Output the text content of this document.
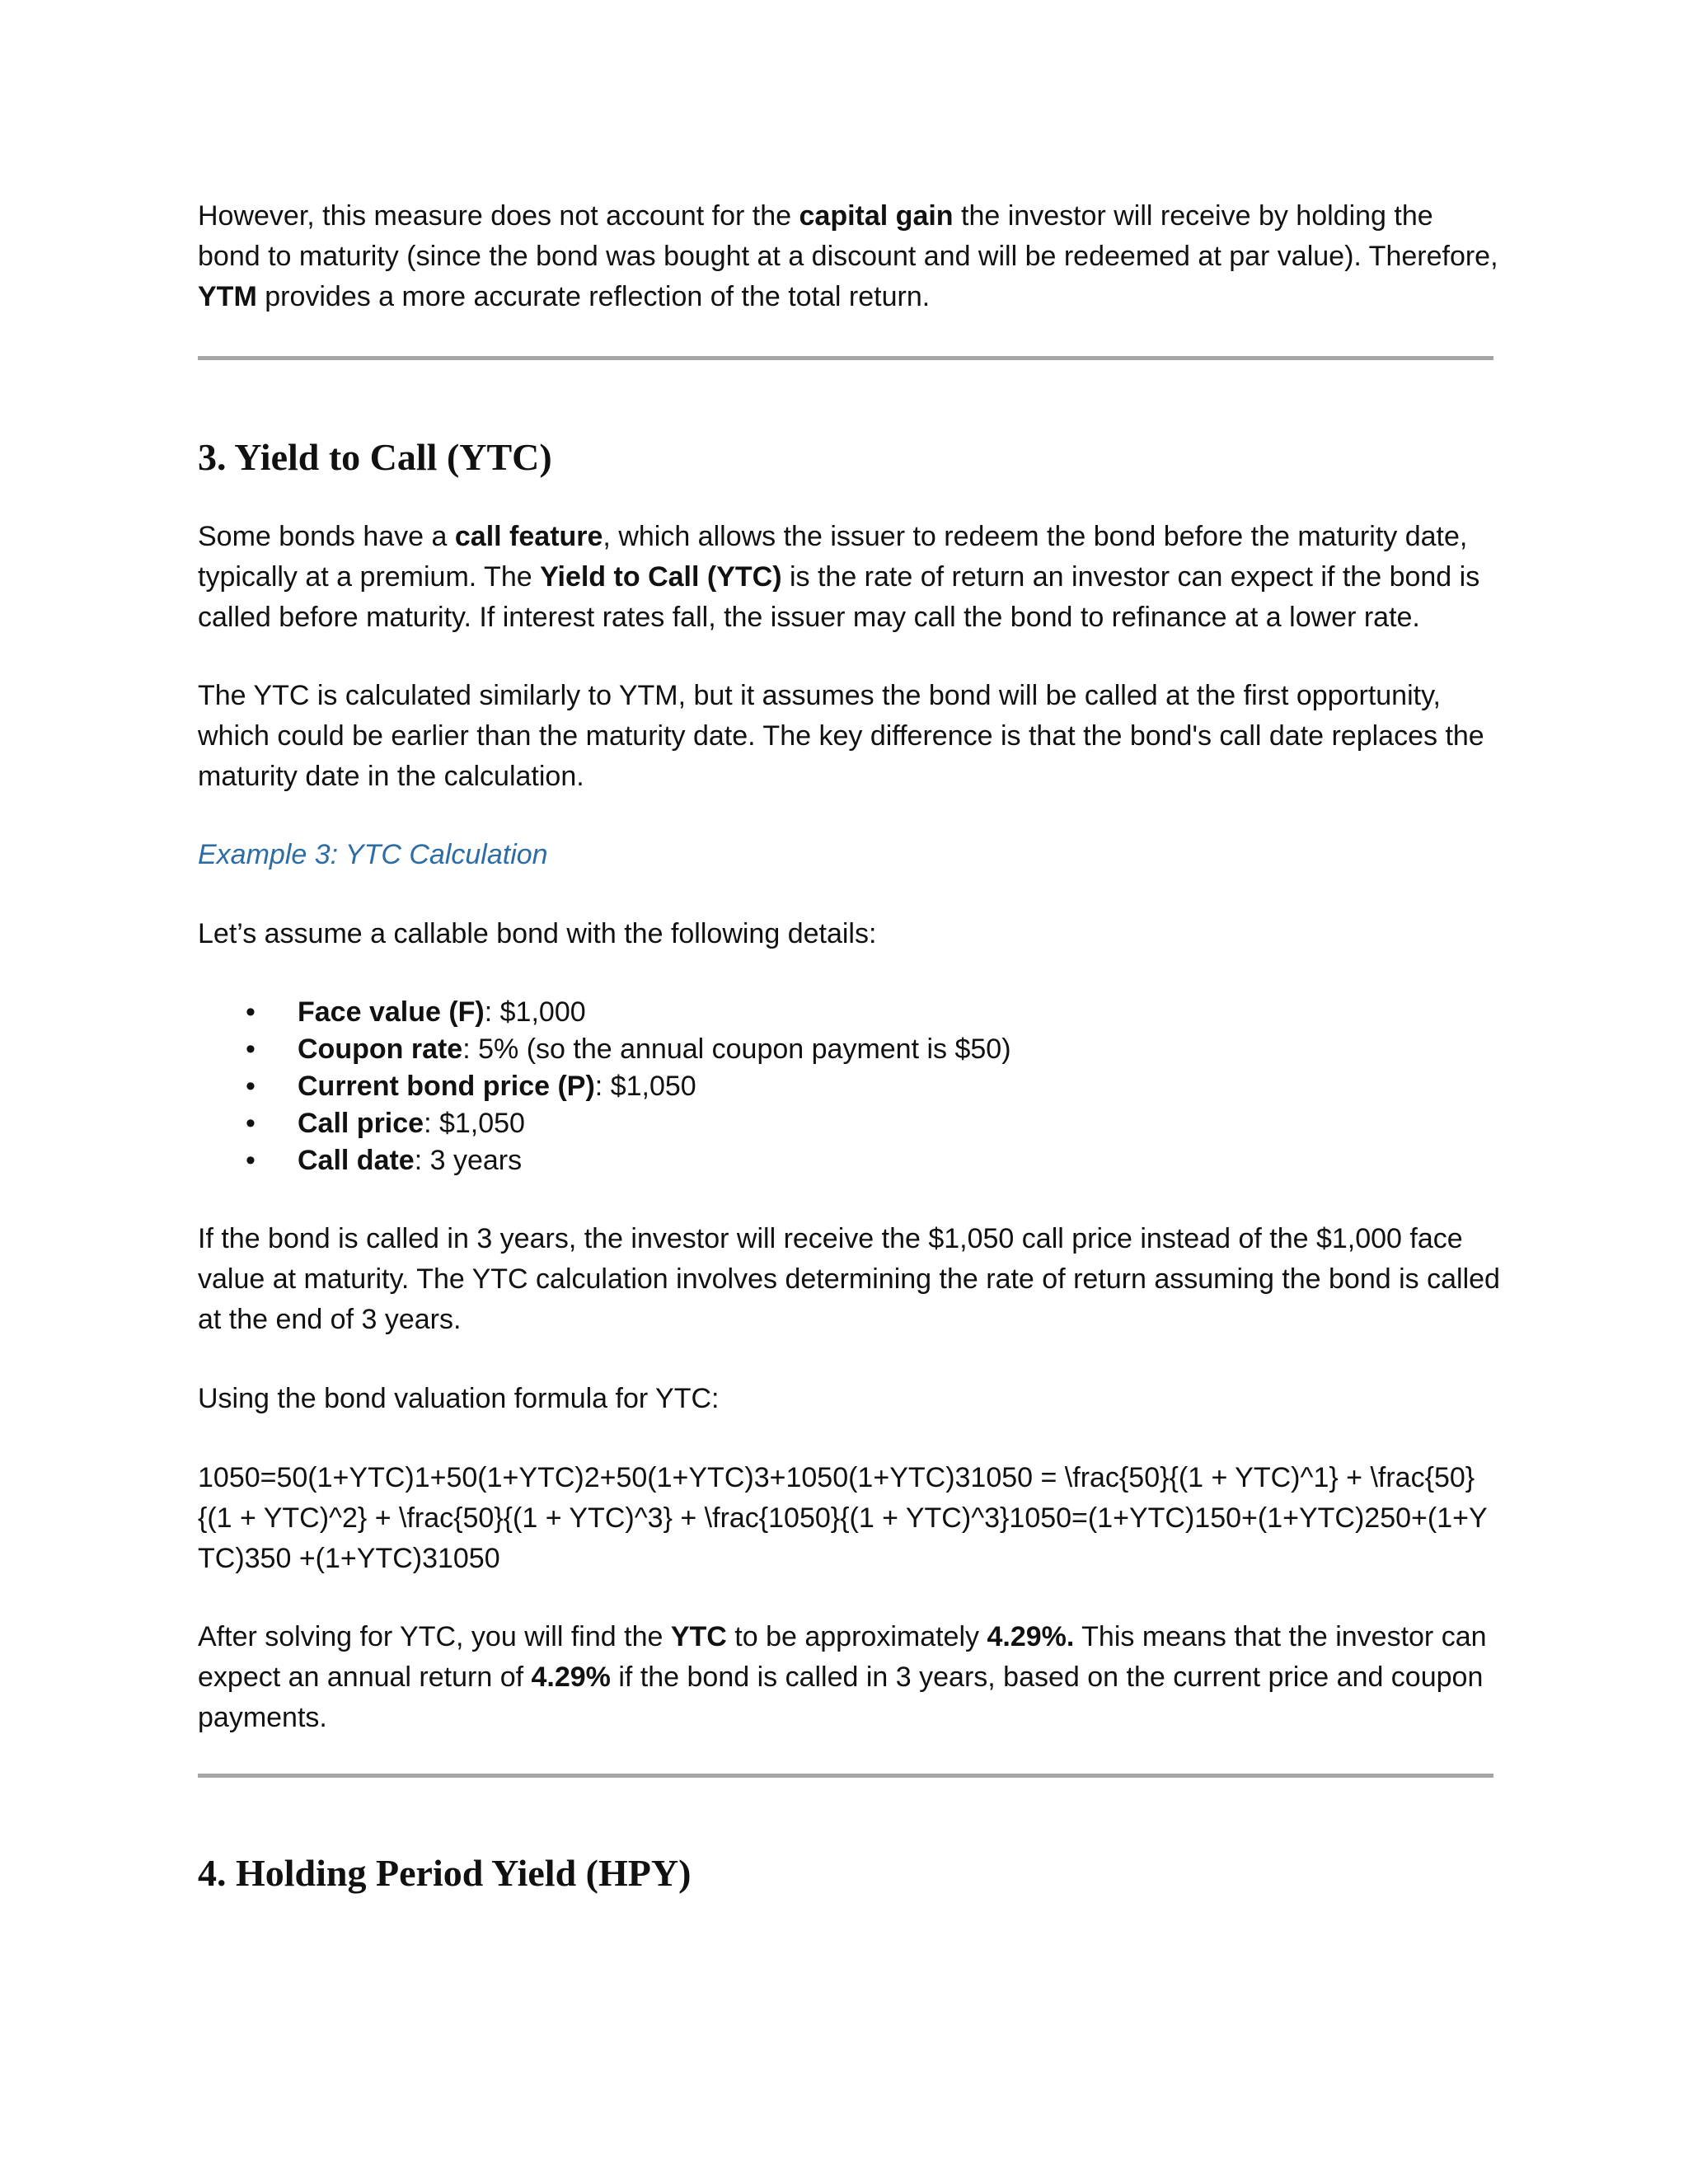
However, this measure does not account for the capital gain the investor will receive by holding the bond to maturity (since the bond was bought at a discount and will be redeemed at par value). Therefore, YTM provides a more accurate reflection of the total return.

3. Yield to Call (YTC)

Some bonds have a call feature, which allows the issuer to redeem the bond before the maturity date, typically at a premium. The Yield to Call (YTC) is the rate of return an investor can expect if the bond is called before maturity. If interest rates fall, the issuer may call the bond to refinance at a lower rate.

The YTC is calculated similarly to YTM, but it assumes the bond will be called at the first opportunity, which could be earlier than the maturity date. The key difference is that the bond's call date replaces the maturity date in the calculation.

Example 3: YTC Calculation

Let’s assume a callable bond with the following details:

• Face value (F): $1,000
• Coupon rate: 5% (so the annual coupon payment is $50)
• Current bond price (P): $1,050
• Call price: $1,050
• Call date: 3 years

If the bond is called in 3 years, the investor will receive the $1,050 call price instead of the $1,000 face value at maturity. The YTC calculation involves determining the rate of return assuming the bond is called at the end of 3 years.

Using the bond valuation formula for YTC:

1050=50(1+YTC)1+50(1+YTC)2+50(1+YTC)3+1050(1+YTC)31050 = \frac{50}{(1 + YTC)^1} + \frac{50}{(1 + YTC)^2} + \frac{50}{(1 + YTC)^3} + \frac{1050}{(1 + YTC)^3}1050=(1+YTC)150+(1+YTC)250+(1+YTC)350 +(1+YTC)31050

After solving for YTC, you will find the YTC to be approximately 4.29%. This means that the investor can expect an annual return of 4.29% if the bond is called in 3 years, based on the current price and coupon payments.

4. Holding Period Yield (HPY)
